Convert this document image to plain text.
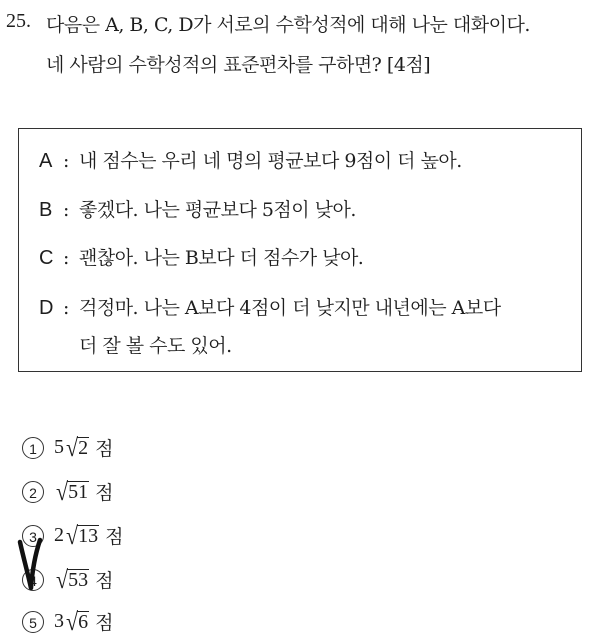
25. 다음은 A, B, C, D가 서로의 수학성적에 대해 나눈 대화이다.
네 사람의 수학성적의 표준편차를 구하면? [4점]
A : 내 점수는 우리 네 명의 평균보다 9점이 더 높아.
B : 좋겠다. 나는 평균보다 5점이 낮아.
C : 괜찮아. 나는 B보다 더 점수가 낮아.
D : 걱정마. 나는 A보다 4점이 더 낮지만 내년에는 A보다
더 잘 볼 수도 있어.
1 5 √ 2 점
2 √ 51 점
3 2 √ 13 점
4 √ 53 점
5 3 √ 6 점
